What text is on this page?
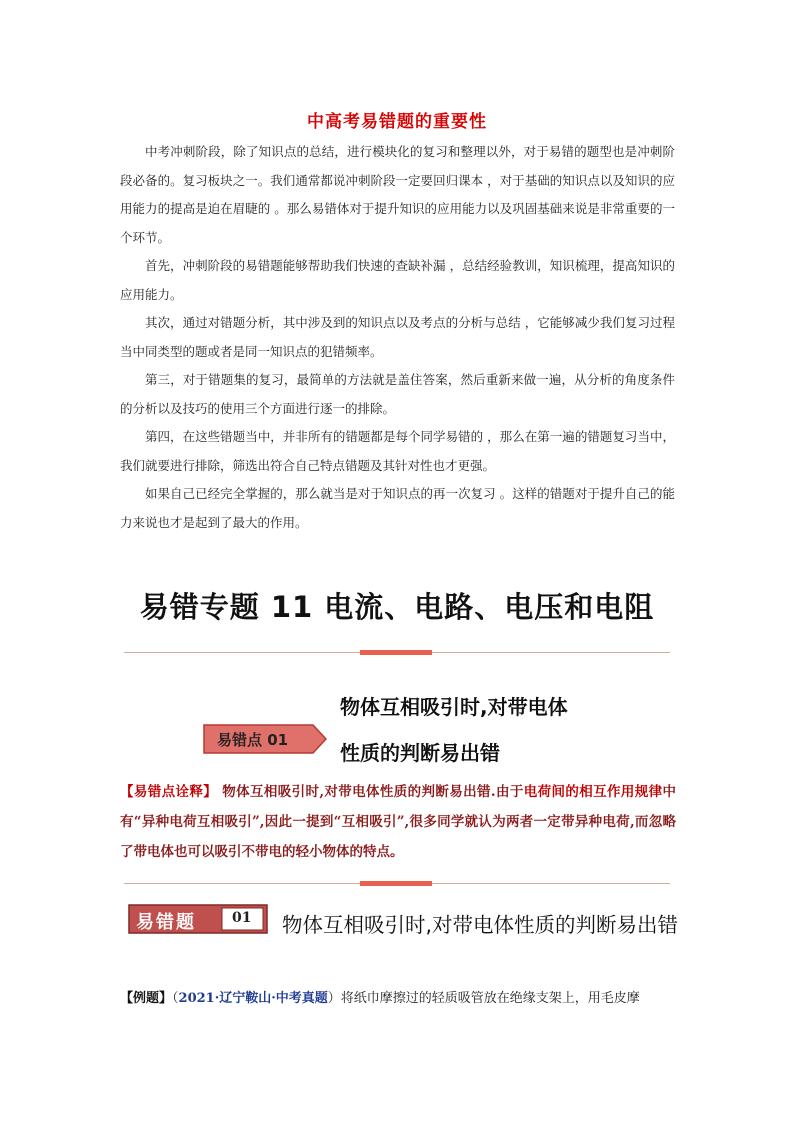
中高考易错题的重要性

中考冲刺阶段，除了知识点的总结，进行模块化的复习和整理以外，对于易错的题型也是冲刺阶段必备的。复习板块之一。我们通常都说冲刺阶段一定要回归课本 ，对于基础的知识点以及知识的应用能力的提高是迫在眉睫的 。那么易错体对于提升知识的应用能力以及巩固基础来说是非常重要的一个环节。

首先，冲刺阶段的易错题能够帮助我们快速的查缺补漏 ，总结经验教训，知识梳理，提高知识的应用能力。

其次，通过对错题分析，其中涉及到的知识点以及考点的分析与总结 ，它能够减少我们复习过程当中同类型的题或者是同一知识点的犯错频率。

第三，对于错题集的复习，最简单的方法就是盖住答案，然后重新来做一遍，从分析的角度条件的分析以及技巧的使用三个方面进行逐一的排除。

第四，在这些错题当中，并非所有的错题都是每个同学易错的 ，那么在第一遍的错题复习当中，我们就要进行排除，筛选出符合自己特点错题及其针对性也才更强。

如果自己已经完全掌握的，那么就当是对于知识点的再一次复习 。这样的错题对于提升自己的能力来说也才是起到了最大的作用。

易错专题 11 电流、电路、电压和电阻
易错点 01
物体互相吸引时,对带电体
性质的判断易出错

【易错点诠释】 物体互相吸引时,对带电体性质的判断易出错.由于电荷间的相互作用规律中有“异种电荷互相吸引”,因此一提到“互相吸引”,很多同学就认为两者一定带异种电荷,而忽略了带电体也可以吸引不带电的轻小物体的特点。

易错题	01	物体互相吸引时,对带电体性质的判断易出错

【例题】（2021·辽宁鞍山·中考真题）将纸巾摩擦过的轻质吸管放在绝缘支架上，用毛皮摩
